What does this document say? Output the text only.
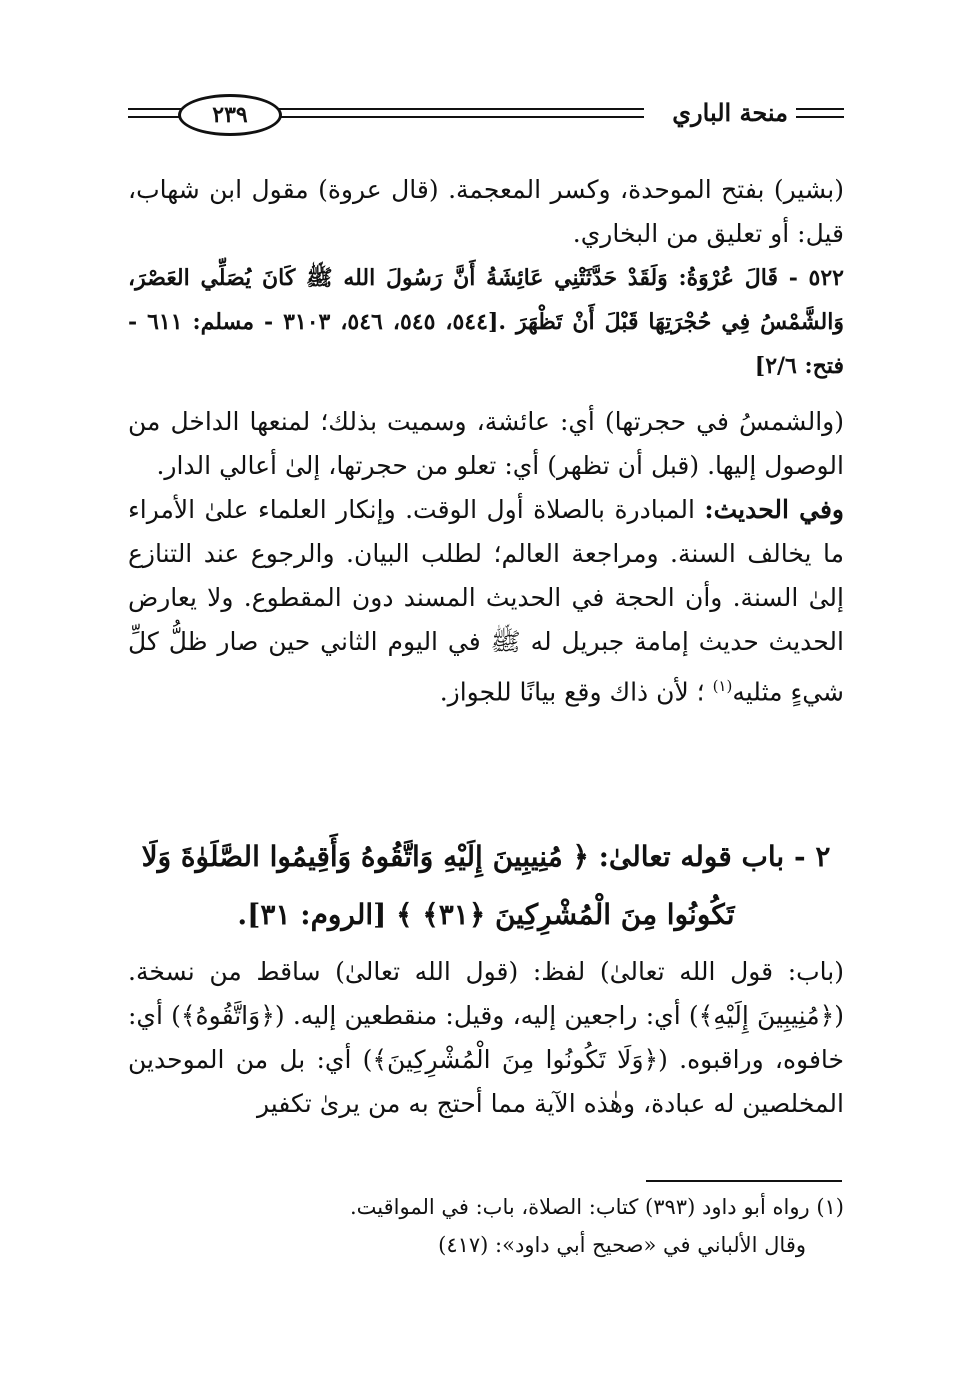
منحة الباري
٢٣٩

(بشير) بفتح الموحدة، وكسر المعجمة. (قال عروة) مقول ابن شهاب، قيل: أو تعليق من البخاري.

٥٢٢ - قَالَ عُرْوَةُ: وَلَقَدْ حَدَّثَتْنِي عَائِشَةُ أَنَّ رَسُولَ الله ﷺ كَانَ يُصَلِّي العَصْرَ، وَالشَّمْسُ فِي حُجْرَتِهَا قَبْلَ أَنْ تَظْهَرَ .[٥٤٤، ٥٤٥، ٥٤٦، ٣١٠٣ - مسلم: ٦١١ - فتح: ٢/٦]

(والشمسُ في حجرتها) أي: عائشة، وسميت بذلك؛ لمنعها الداخل من الوصول إليها. (قبل أن تظهر) أي: تعلو من حجرتها، إلىٰ أعالي الدار.

وفي الحديث: المبادرة بالصلاة أول الوقت. وإنكار العلماء علىٰ الأمراء ما يخالف السنة. ومراجعة العالم؛ لطلب البيان. والرجوع عند التنازع إلىٰ السنة. وأن الحجة في الحديث المسند دون المقطوع. ولا يعارض الحديث حديث إمامة جبريل له ﷺ في اليوم الثاني حين صار ظلُّ كلِّ شيءٍ مثليه$^{(١)}$ ؛ لأن ذاك وقع بيانًا للجواز.

٢ - باب قوله تعالىٰ: ﴿ مُنِيبِينَ إِلَيْهِ وَاتَّقُوهُ وَأَقِيمُوا الصَّلَوٰةَ وَلَا تَكُونُوا مِنَ الْمُشْرِكِينَ ﴿٣١﴾ ﴾ [الروم: ٣١].

(باب: قول الله تعالىٰ) لفظ: (قول الله تعالىٰ) ساقط من نسخة. (﴿مُنِيبِينَ إِلَيْهِ﴾) أي: راجعين إليه، وقيل: منقطعين إليه. (﴿وَاتَّقُوهُ﴾) أي: خافوه، وراقبوه. (﴿وَلَا تَكُونُوا مِنَ الْمُشْرِكِينَ﴾) أي: بل من الموحدين المخلصين له عبادة، وهٰذه الآية مما أحتج به من يرىٰ تكفير

(١) رواه أبو داود (٣٩٣) كتاب: الصلاة، باب: في المواقيت.
وقال الألباني في «صحيح أبي داود»: (٤١٧)
